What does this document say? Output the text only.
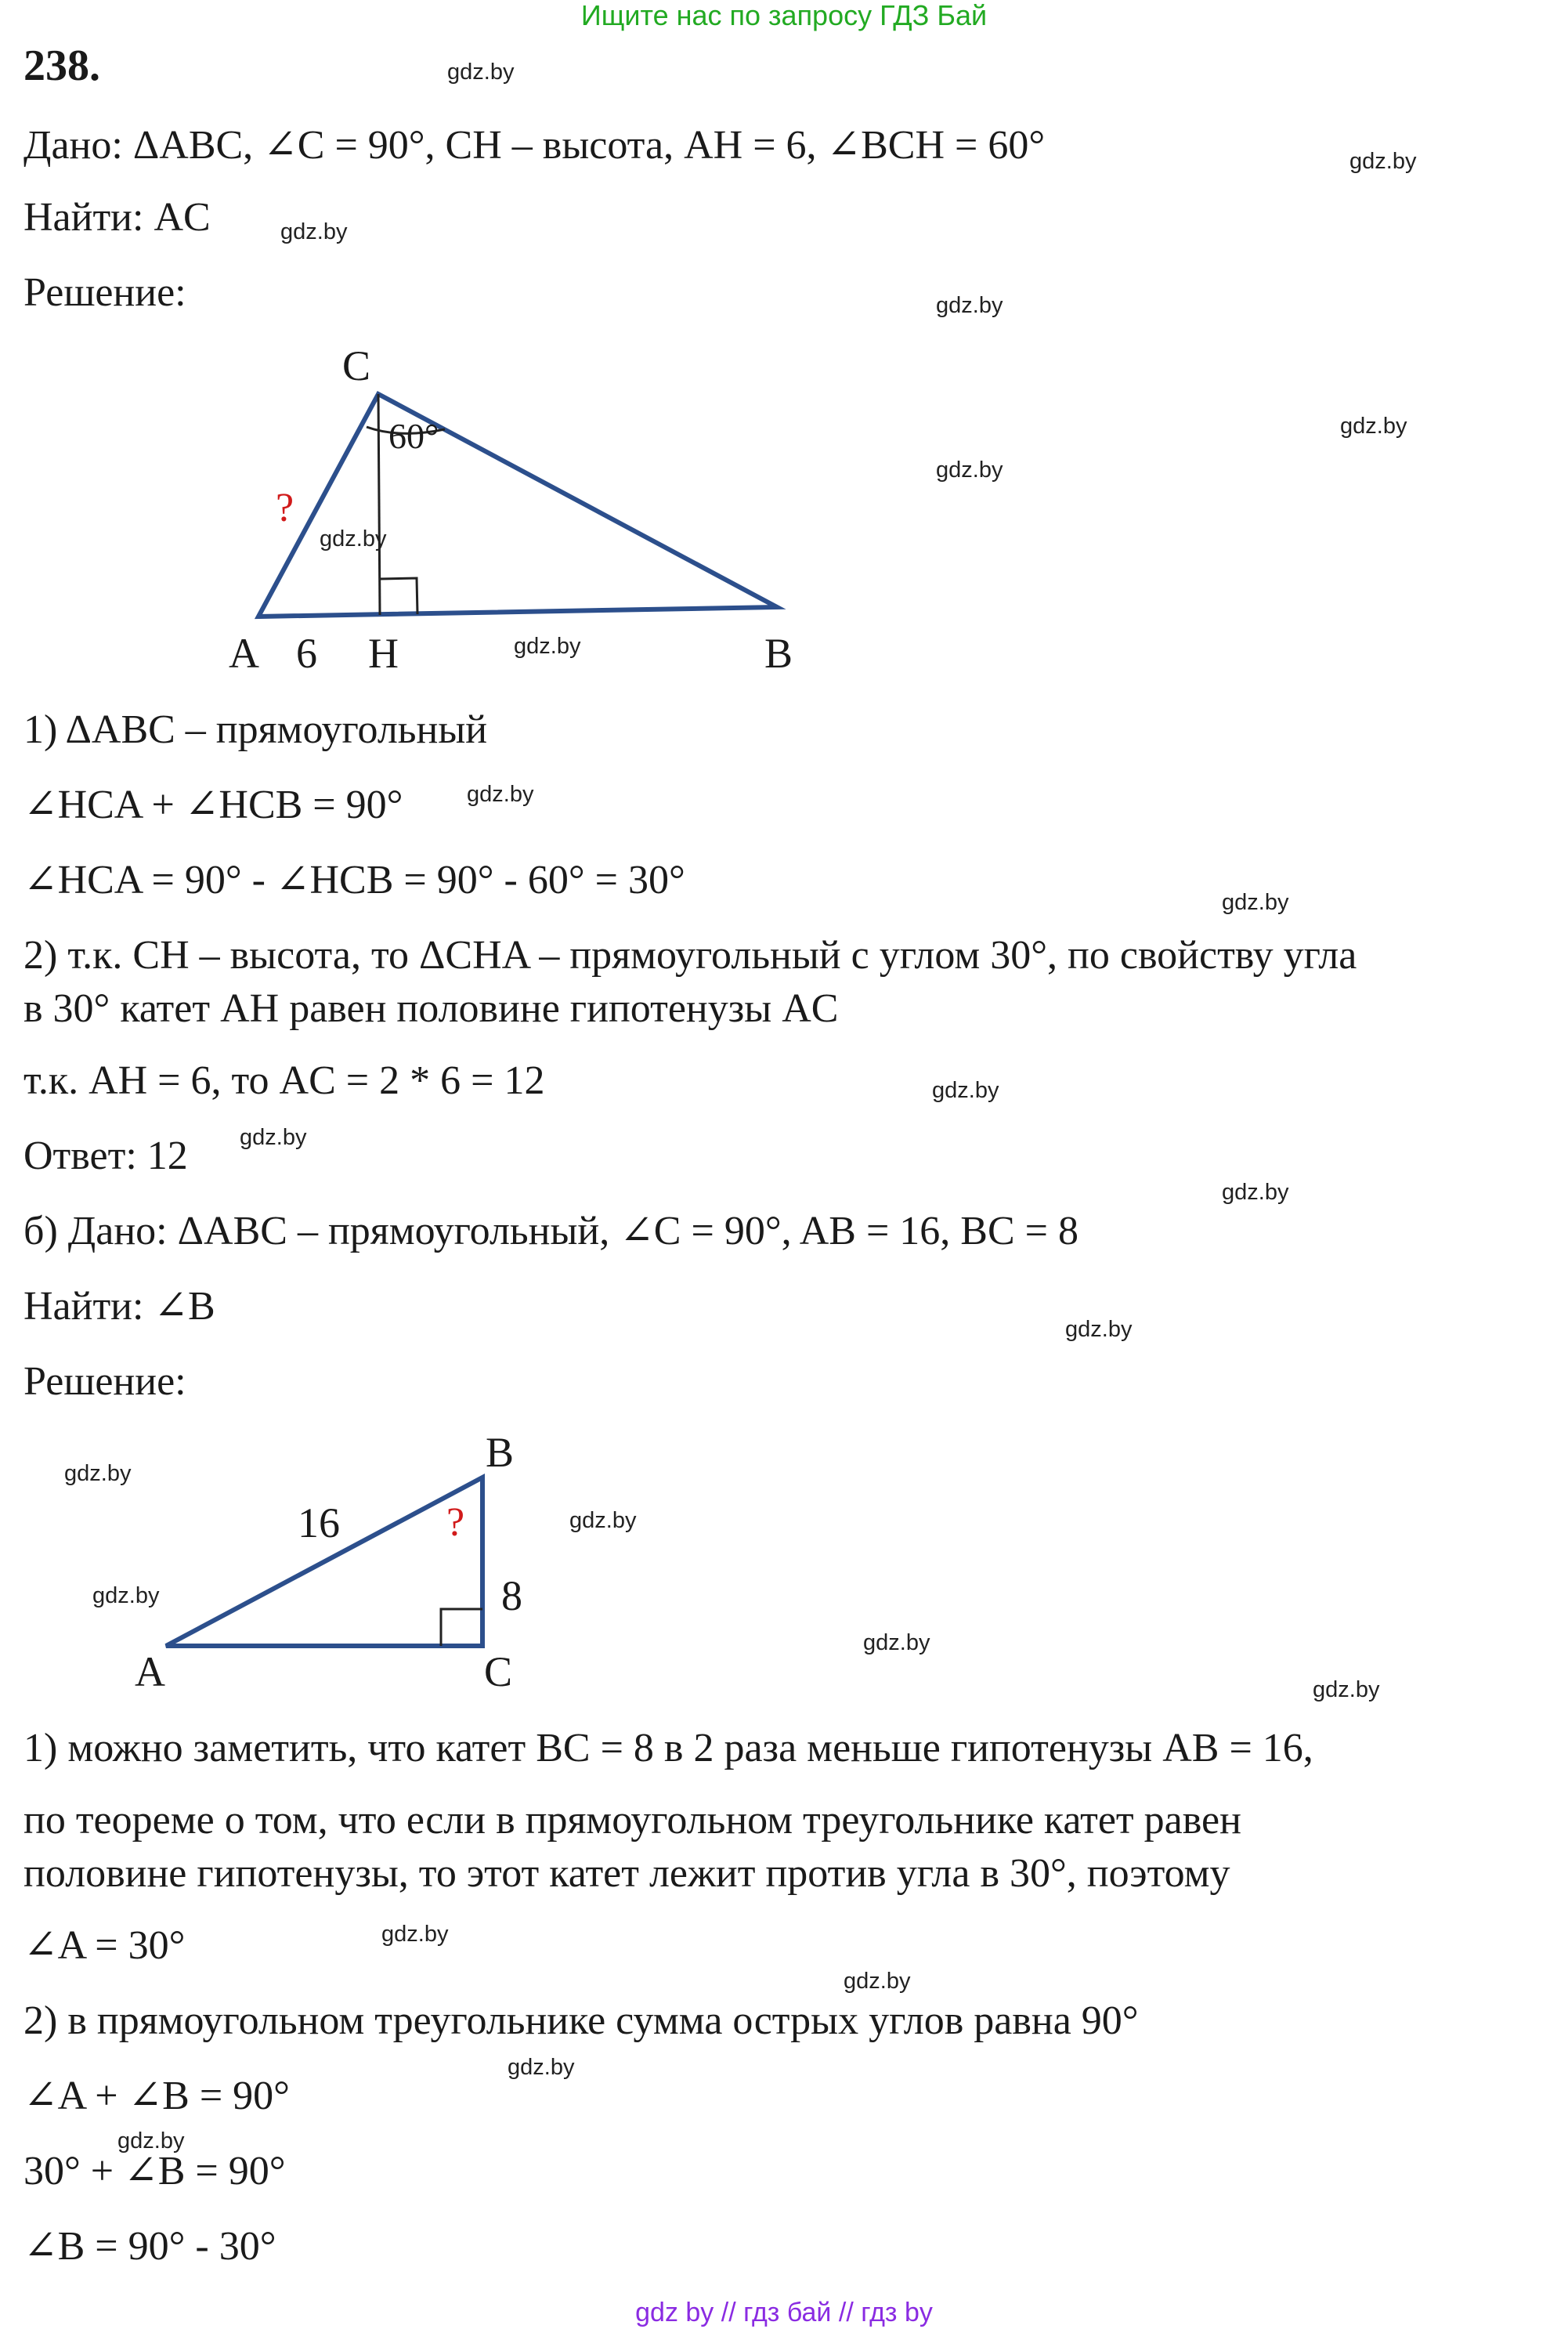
Ищите нас по запросу ГДЗ Бай
238.
Дано: ΔABC, ∠C = 90°, CH – высота, AH = 6, ∠BCH = 60°
Найти: AC
Решение:
C
60°
?
A 6 H	B
1) ΔABC – прямоугольный
∠HCA + ∠HCB = 90°
∠HCA = 90° - ∠HCB = 90° - 60° = 30°
2) т.к. CH – высота, то ΔCHA – прямоугольный с углом 30°, по свойству угла
в 30° катет AH равен половине гипотенузы AC
т.к. AH = 6, то AC = 2 * 6 = 12
Ответ: 12
б) Дано: ΔABC – прямоугольный, ∠C = 90°, AB = 16, BC = 8
Найти: ∠B
Решение:
B
16	?
8
A	C
1) можно заметить, что катет BC = 8 в 2 раза меньше гипотенузы AB = 16,
по теореме о том, что если в прямоугольном треугольнике катет равен
половине гипотенузы, то этот катет лежит против угла в 30°, поэтому
∠A = 30°
2) в прямоугольном треугольнике сумма острых углов равна 90°
∠A + ∠B = 90°
30° + ∠B = 90°
∠B = 90° - 30°
gdz.by
gdz.by
gdz.by
gdz.by
gdz.by
gdz.by
gdz.by
gdz.by
gdz.by
gdz.by
gdz.by
gdz.by
gdz.by
gdz.by
gdz.by
gdz.by
gdz.by
gdz.by
gdz.by
gdz.by
gdz.by
gdz.by
gdz.by
gdz by // гдз бай // гдз by
